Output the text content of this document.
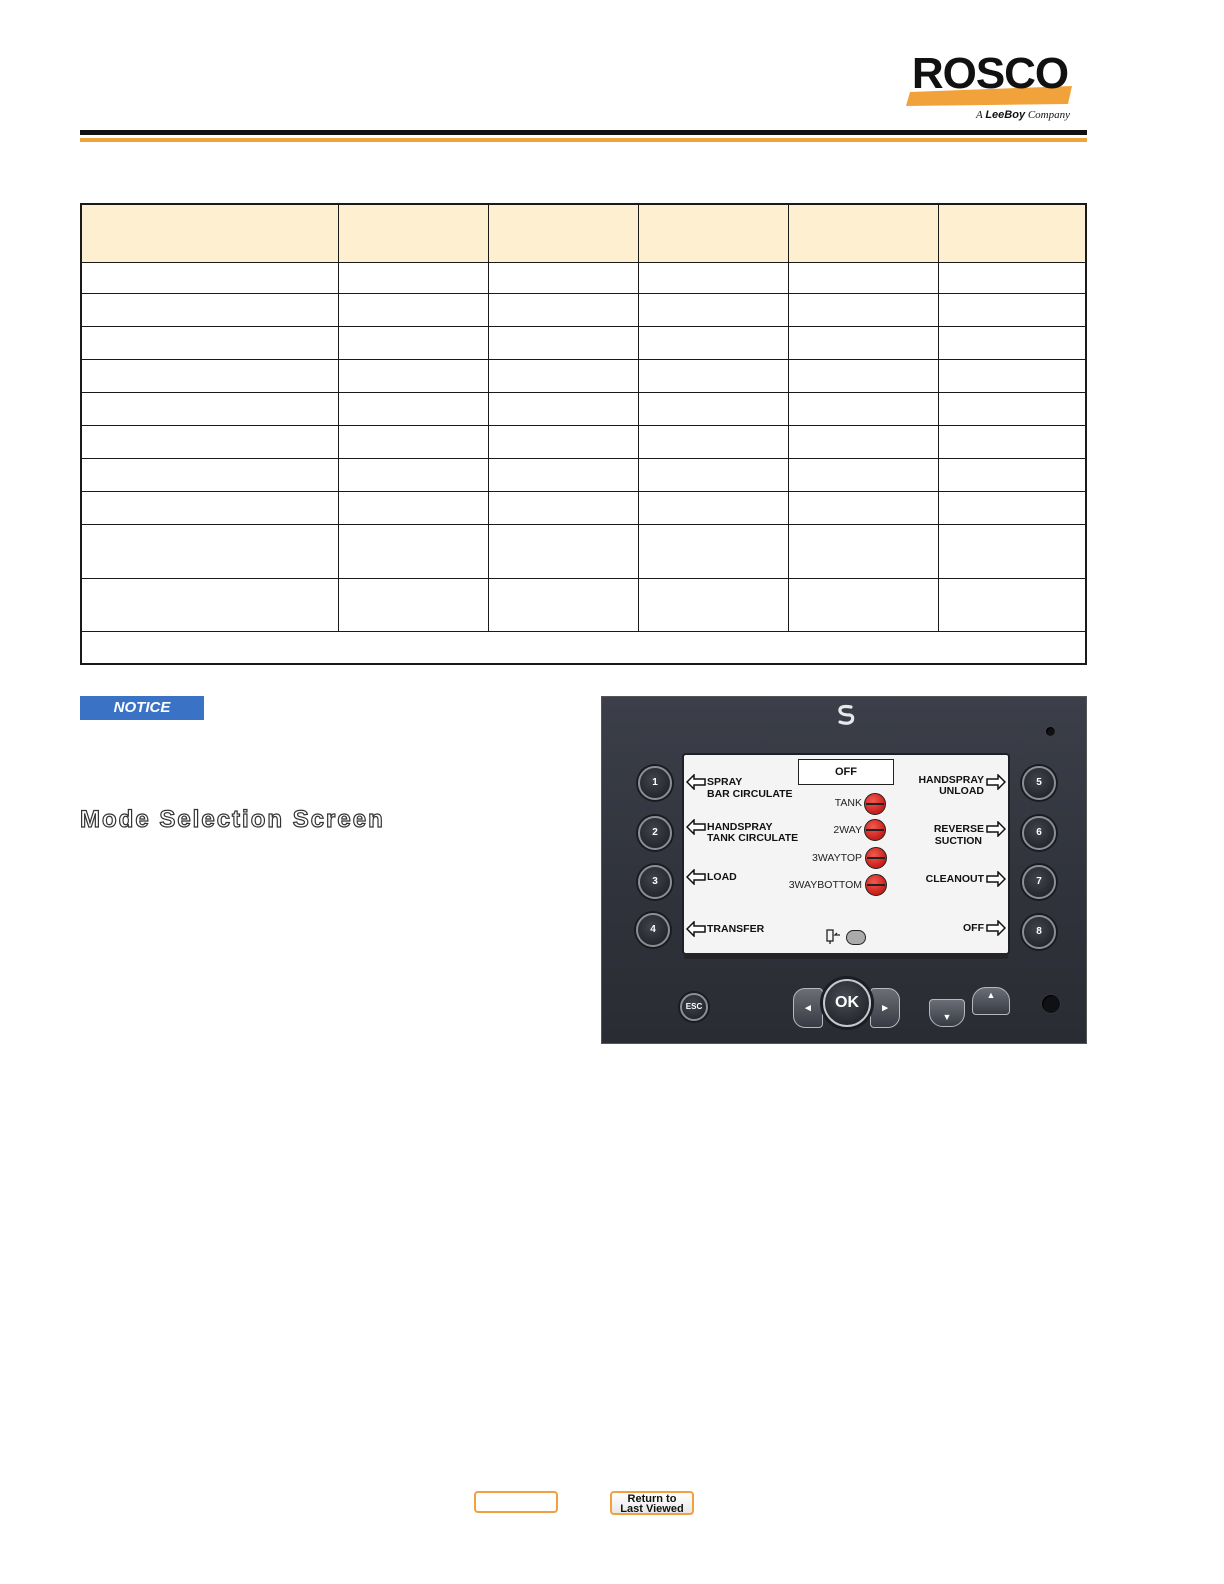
ROSCO
A LeeBoy Company
NOTICE
Mode Selection Screen
1
2
3
4
5
6
7
8
OFF
SPRAY
BAR CIRCULATE
HANDSPRAY
TANK CIRCULATE
LOAD
TRANSFER
HANDSPRAY
UNLOAD
REVERSE
SUCTION
CLEANOUT
OFF
TANK
2WAY
3WAYTOP
3WAYBOTTOM
ESC	◂	▸
OK
▼
▲
Return to
Last Viewed
